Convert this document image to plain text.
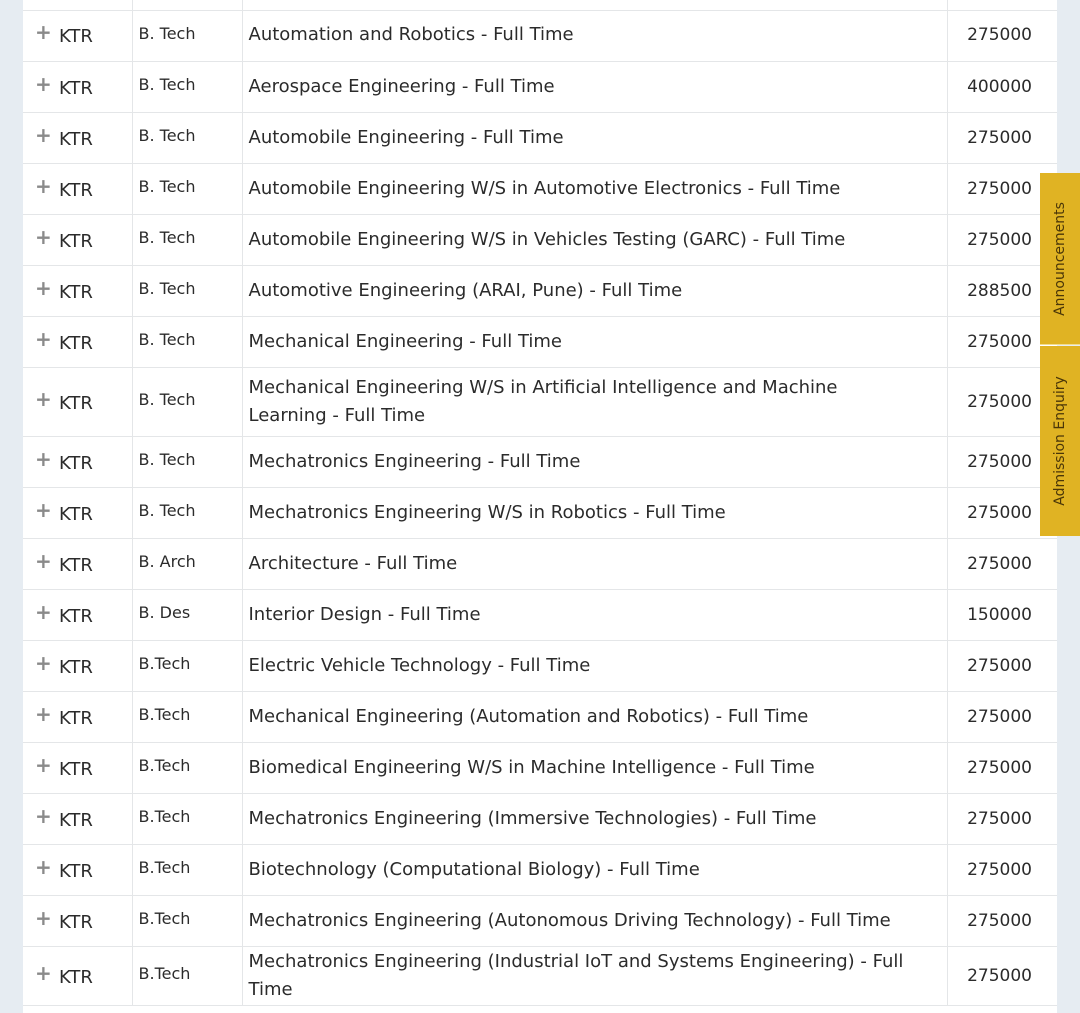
+ KTR	B. Tech	Automation and Robotics - Full Time	275000
+ KTR	B. Tech	Aerospace Engineering - Full Time	400000
+ KTR	B. Tech	Automobile Engineering - Full Time	275000
+ KTR	B. Tech	Automobile Engineering W/S in Automotive Electronics - Full Time	275000
+ KTR	B. Tech	Automobile Engineering W/S in Vehicles Testing (GARC) - Full Time	275000
+ KTR	B. Tech	Automotive Engineering (ARAI, Pune) - Full Time	288500
+ KTR	B. Tech	Mechanical Engineering - Full Time	275000
+ KTR	B. Tech	Mechanical Engineering W/S in Artificial Intelligence and Machine Learning - Full Time	275000
+ KTR	B. Tech	Mechatronics Engineering - Full Time	275000
+ KTR	B. Tech	Mechatronics Engineering W/S in Robotics - Full Time	275000
+ KTR	B. Arch	Architecture - Full Time	275000
+ KTR	B. Des	Interior Design - Full Time	150000
+ KTR	B.Tech	Electric Vehicle Technology - Full Time	275000
+ KTR	B.Tech	Mechanical Engineering (Automation and Robotics) - Full Time	275000
+ KTR	B.Tech	Biomedical Engineering W/S in Machine Intelligence - Full Time	275000
+ KTR	B.Tech	Mechatronics Engineering (Immersive Technologies) - Full Time	275000
+ KTR	B.Tech	Biotechnology (Computational Biology) - Full Time	275000
+ KTR	B.Tech	Mechatronics Engineering (Autonomous Driving Technology) - Full Time	275000
+ KTR	B.Tech	Mechatronics Engineering (Industrial IoT and Systems Engineering) - Full Time	275000
Announcements
Admission Enquiry
